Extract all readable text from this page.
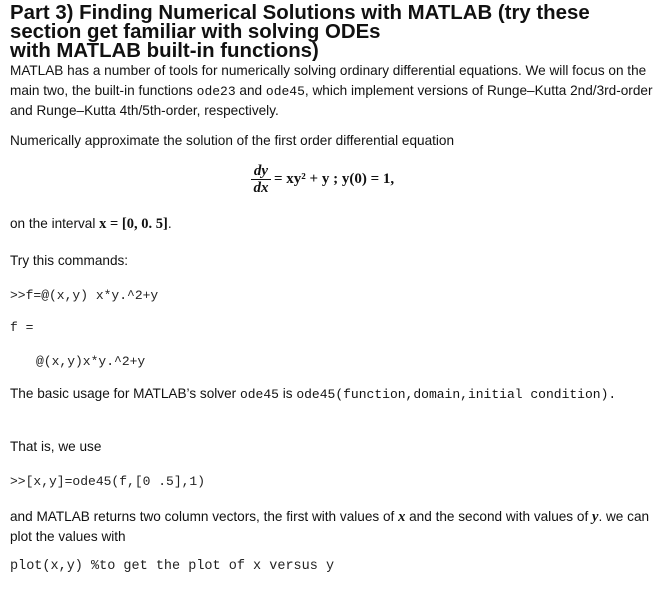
Part 3) Finding Numerical Solutions with MATLAB (try these section get familiar with solving ODEs
with MATLAB built-in functions)

MATLAB has a number of tools for numerically solving ordinary differential equations. We will focus on the main two, the built-in functions ode23 and ode45, which implement versions of Runge–Kutta 2nd/3rd-order and Runge–Kutta 4th/5th-order, respectively.

Numerically approximate the solution of the first order differential equation

$\frac{dy}{dx} = xy^2 + y$ ; y(0) = 1,

on the interval x = [0, 0. 5].

Try this commands:

>>f=@(x,y) x*y.^2+y
f =
@(x,y)x*y.^2+y

The basic usage for MATLAB’s solver ode45 is ode45(function,domain,initial condition).

That is, we use

>>[x,y]=ode45(f,[0 .5],1)

and MATLAB returns two column vectors, the first with values of x and the second with values of y. we can plot the values with

plot(x,y) %to get the plot of x versus y
